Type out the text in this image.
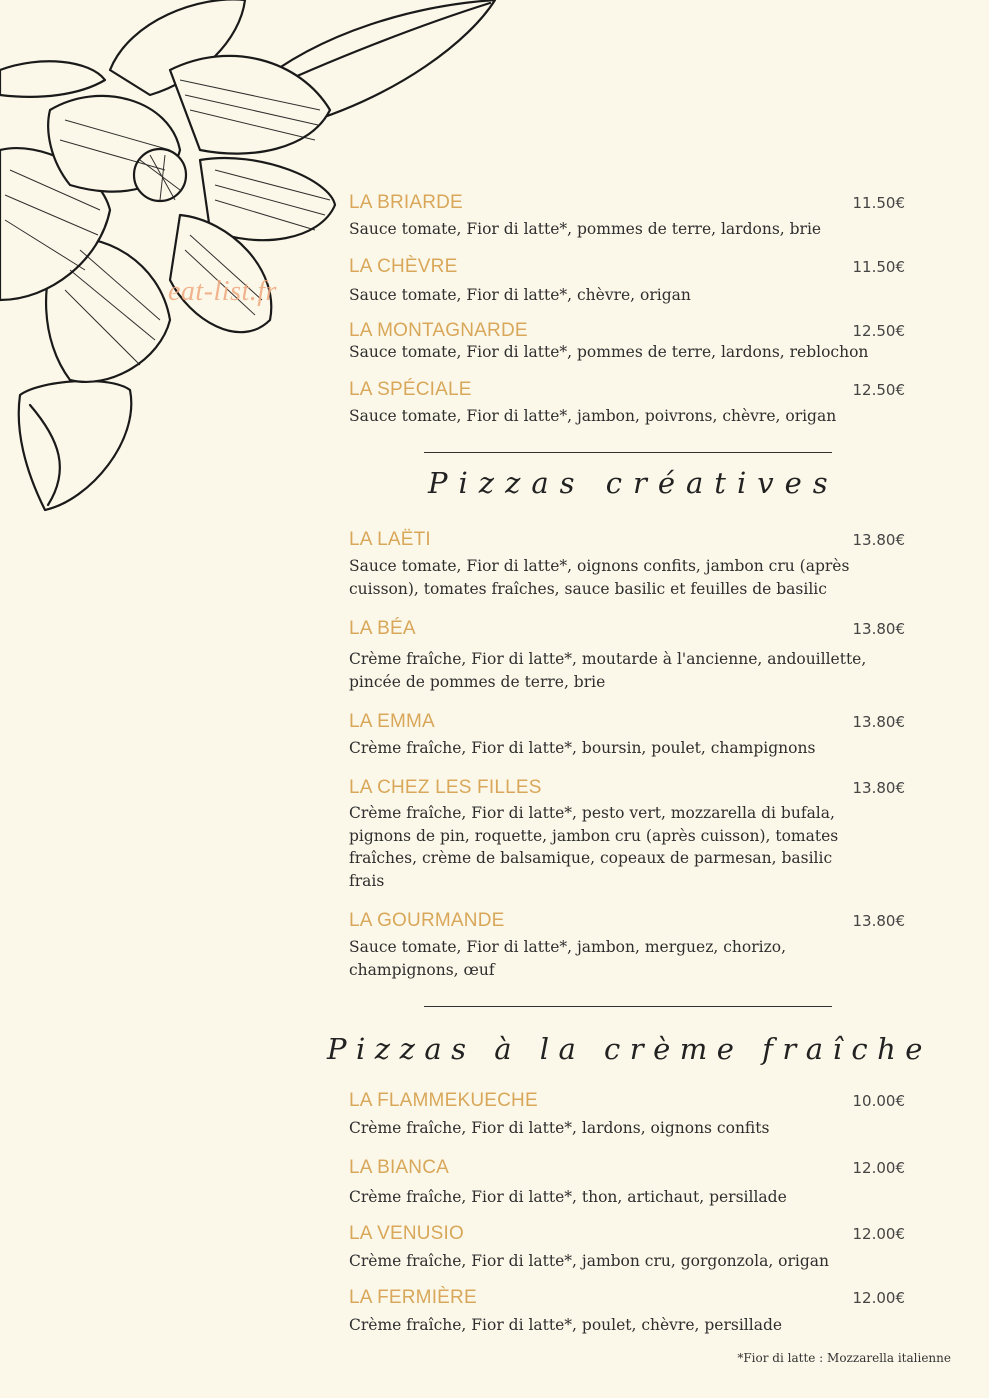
eat-list.fr
LA BRIARDE	11.50€
Sauce tomate, Fior di latte*, pommes de terre, lardons, brie
LA CHÈVRE	11.50€
Sauce tomate, Fior di latte*, chèvre, origan
LA MONTAGNARDE	12.50€
Sauce tomate, Fior di latte*, pommes de terre, lardons, reblochon
LA SPÉCIALE	12.50€
Sauce tomate, Fior di latte*, jambon, poivrons, chèvre, origan
Pizzas créatives
LA LAËTI	13.80€
Sauce tomate, Fior di latte*, oignons confits, jambon cru (après cuisson), tomates fraîches, sauce basilic et feuilles de basilic
LA BÉA	13.80€
Crème fraîche, Fior di latte*, moutarde à l'ancienne, andouillette, pincée de pommes de terre, brie
LA EMMA	13.80€
Crème fraîche, Fior di latte*, boursin, poulet, champignons
LA CHEZ LES FILLES	13.80€
Crème fraîche, Fior di latte*, pesto vert, mozzarella di bufala, pignons de pin, roquette, jambon cru (après cuisson), tomates fraîches, crème de balsamique, copeaux de parmesan, basilic frais
LA GOURMANDE	13.80€
Sauce tomate, Fior di latte*, jambon, merguez, chorizo, champignons, œuf
Pizzas à la crème fraîche
LA FLAMMEKUECHE	10.00€
Crème fraîche, Fior di latte*, lardons, oignons confits
LA BIANCA	12.00€
Crème fraîche, Fior di latte*, thon, artichaut, persillade
LA VENUSIO	12.00€
Crème fraîche, Fior di latte*, jambon cru, gorgonzola, origan
LA FERMIÈRE	12.00€
Crème fraîche, Fior di latte*, poulet, chèvre, persillade
*Fior di latte : Mozzarella italienne
